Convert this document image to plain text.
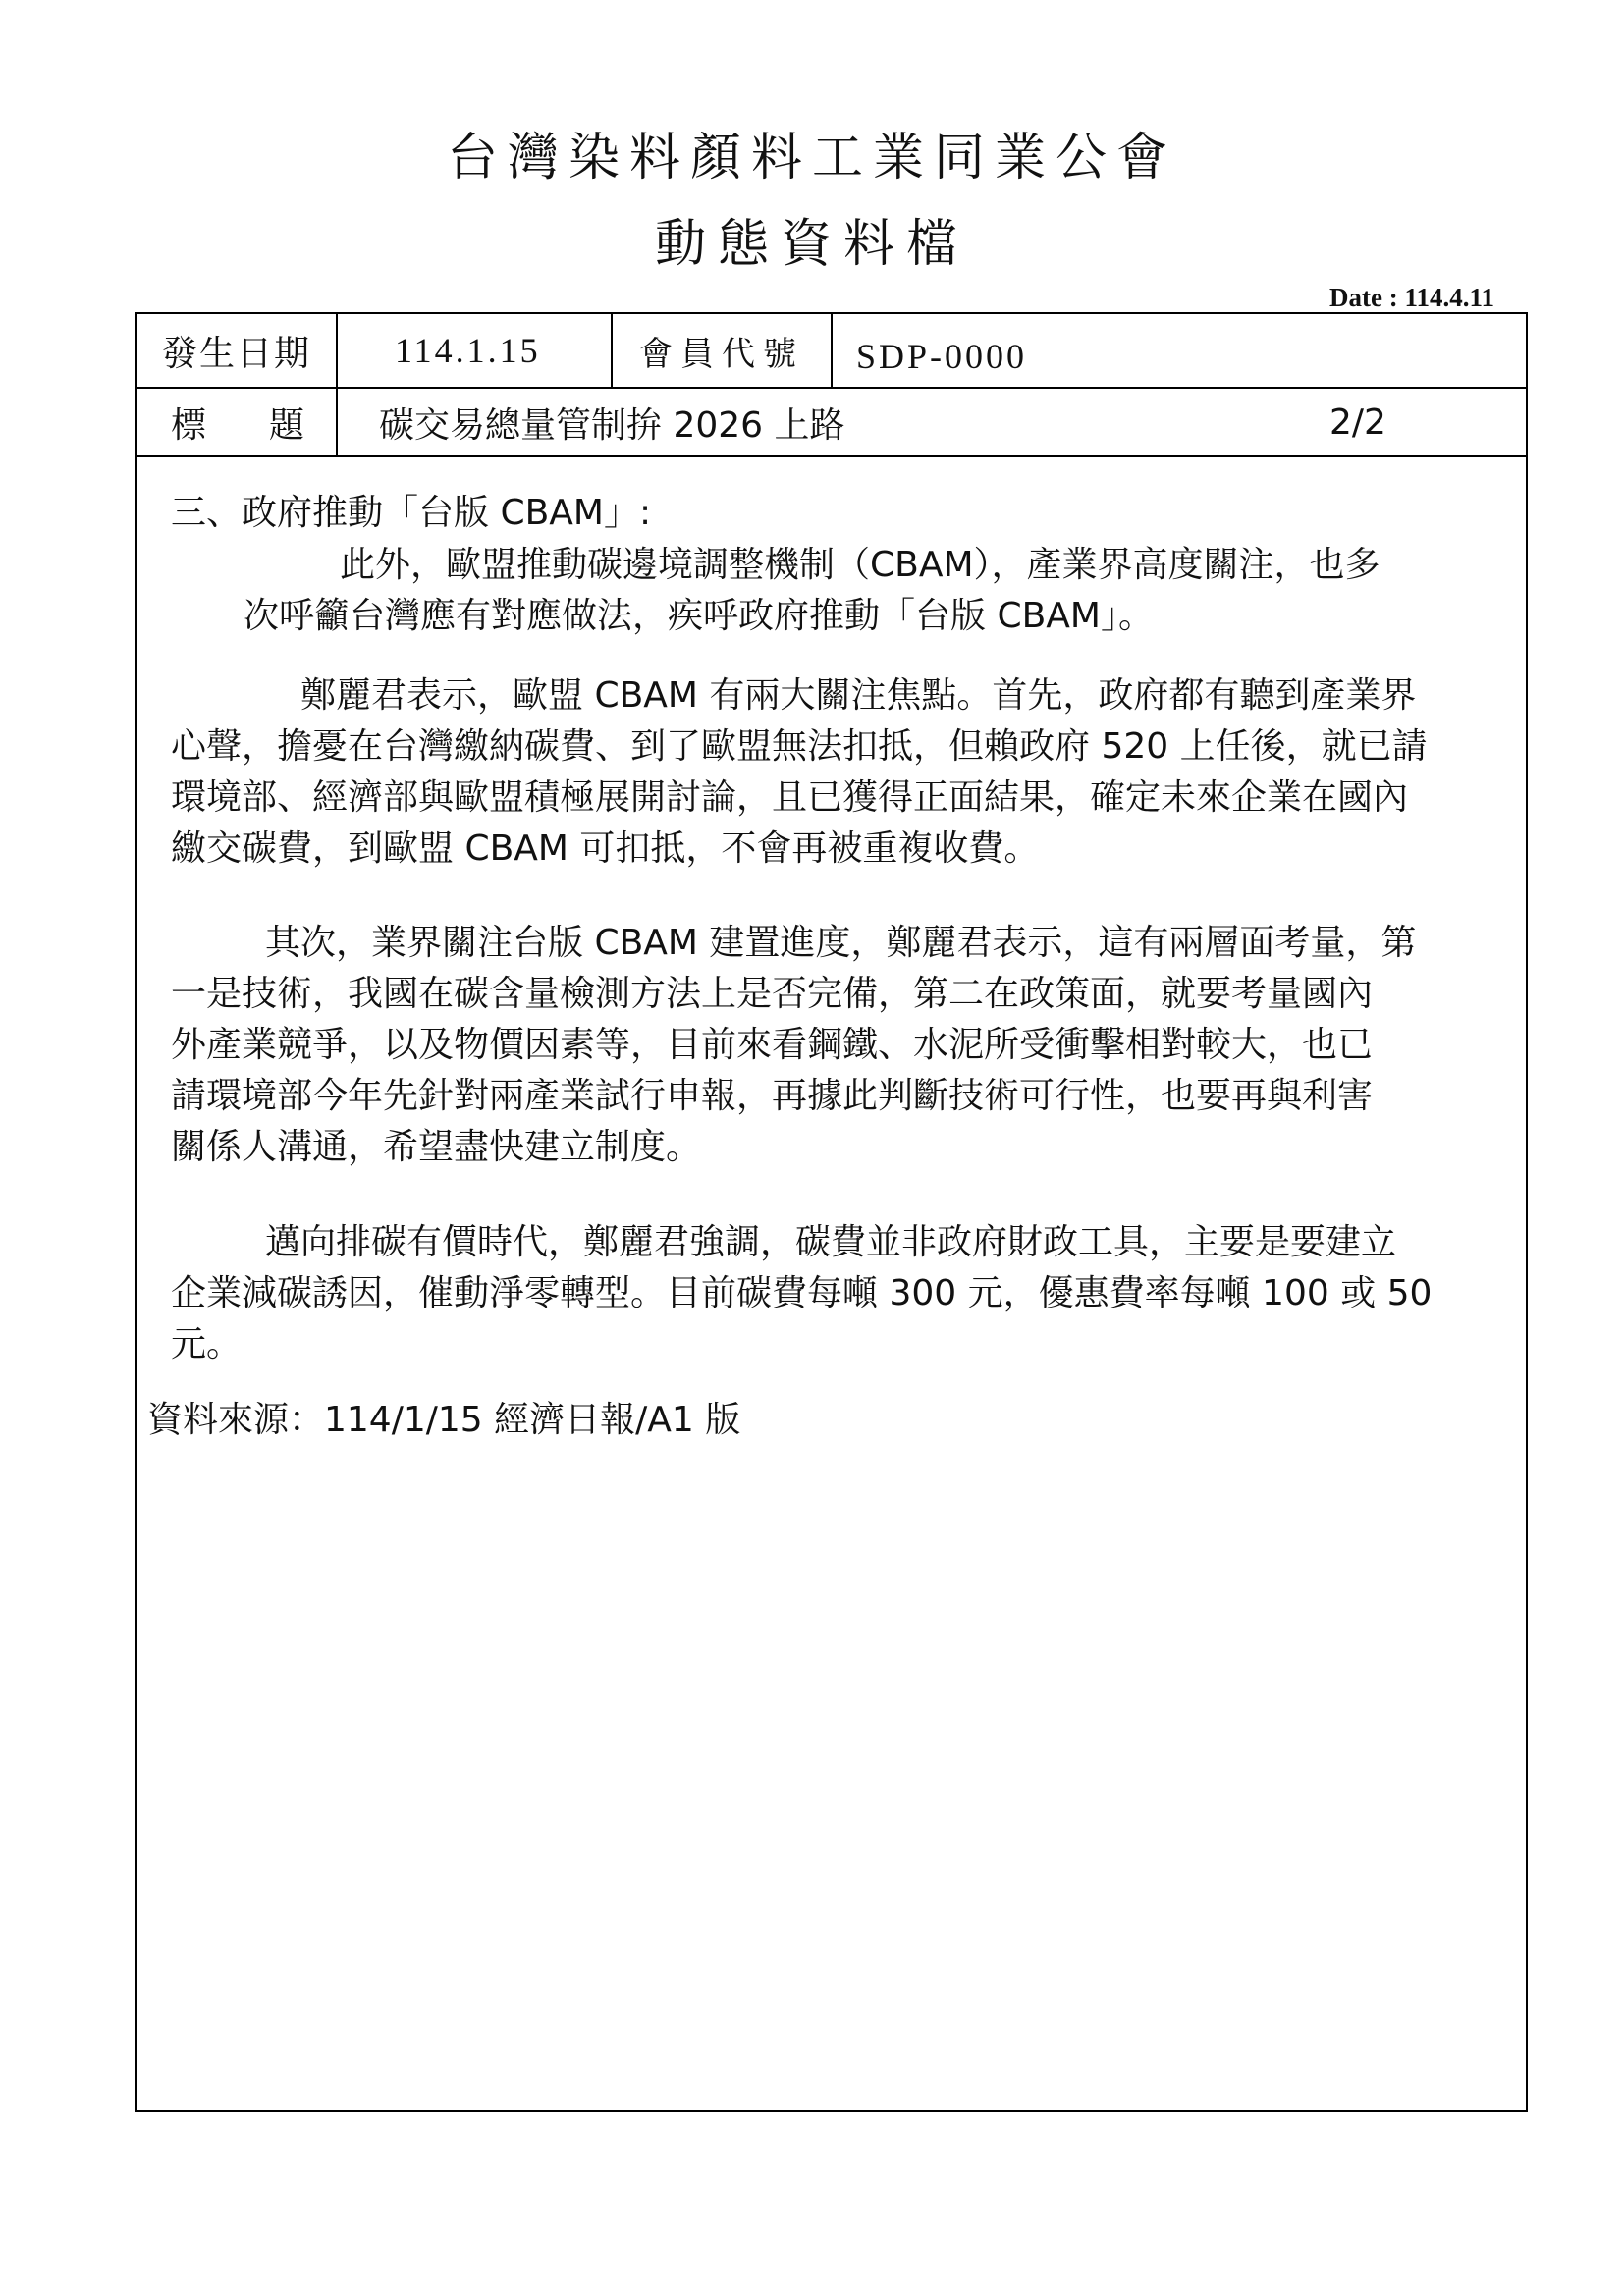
台灣染料顏料工業同業公會
動態資料檔
Date : 114.4.11
發生日期	114.1.15	會員代號	SDP-0000
標 題 碳交易總量管制拚 2026 上路	2/2
三、政府推動「台版 CBAM」:
此外，歐盟推動碳邊境調整機制（CBAM），產業界高度關注，也多
次呼籲台灣應有對應做法，疾呼政府推動「台版 CBAM」。
鄭麗君表示，歐盟 CBAM 有兩大關注焦點。首先，政府都有聽到產業界
心聲，擔憂在台灣繳納碳費、到了歐盟無法扣抵，但賴政府 520 上任後，就已請
環境部、經濟部與歐盟積極展開討論，且已獲得正面結果，確定未來企業在國內
繳交碳費，到歐盟 CBAM 可扣抵，不會再被重複收費。
其次，業界關注台版 CBAM 建置進度，鄭麗君表示，這有兩層面考量，第
一是技術，我國在碳含量檢測方法上是否完備，第二在政策面，就要考量國內
外產業競爭，以及物價因素等，目前來看鋼鐵、水泥所受衝擊相對較大，也已
請環境部今年先針對兩產業試行申報，再據此判斷技術可行性，也要再與利害
關係人溝通，希望盡快建立制度。
邁向排碳有價時代，鄭麗君強調，碳費並非政府財政工具，主要是要建立
企業減碳誘因，催動淨零轉型。目前碳費每噸 300 元，優惠費率每噸 100 或 50
元。
資料來源：114/1/15 經濟日報/A1 版
